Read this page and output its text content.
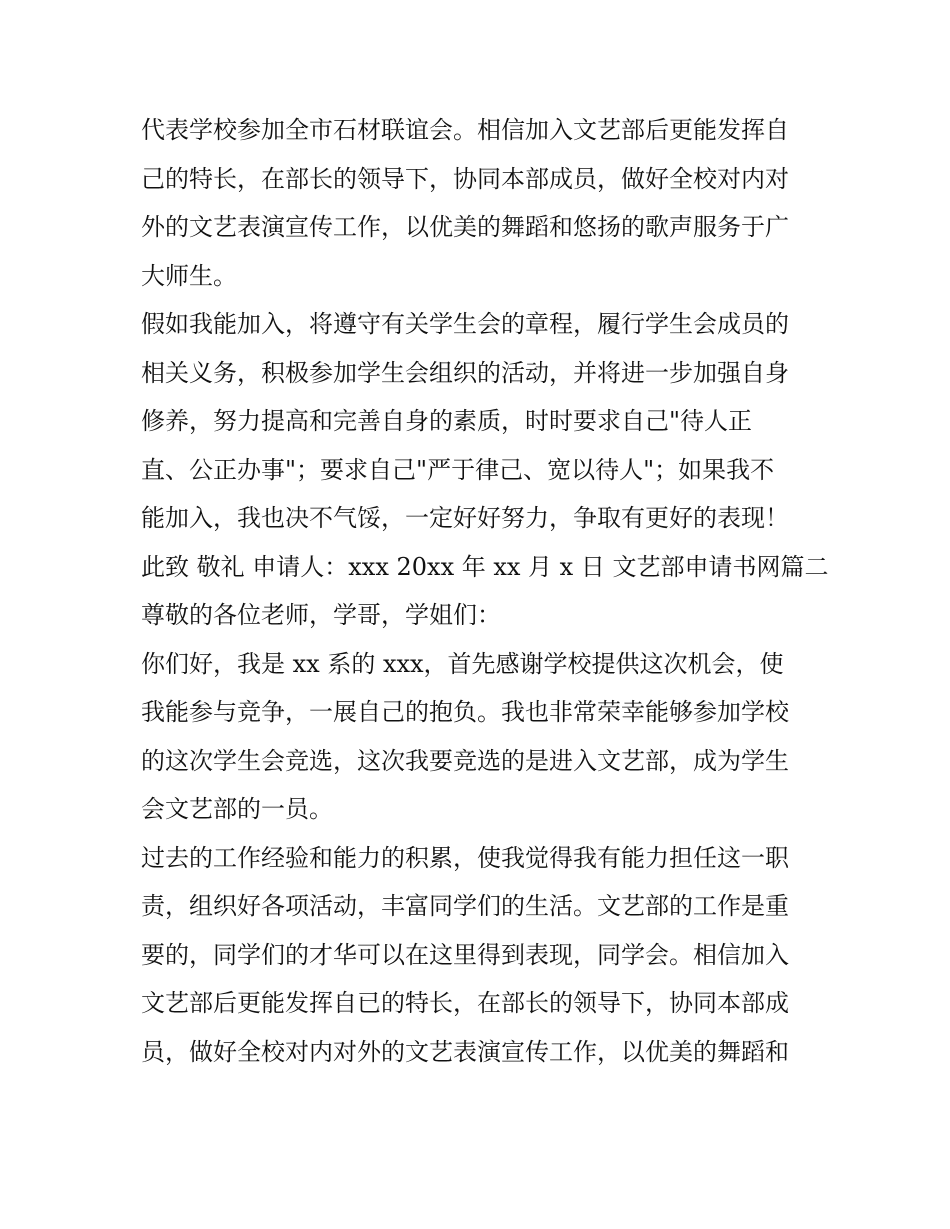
代表学校参加全市石材联谊会。相信加入文艺部后更能发挥自

己的特长，在部长的领导下，协同本部成员，做好全校对内对

外的文艺表演宣传工作，以优美的舞蹈和悠扬的歌声服务于广

大师生。

假如我能加入，将遵守有关学生会的章程，履行学生会成员的

相关义务，积极参加学生会组织的活动，并将进一步加强自身

修养，努力提高和完善自身的素质，时时要求自己"待人正

直、公正办事"；要求自己"严于律己、宽以待人"；如果我不

能加入，我也决不气馁，一定好好努力，争取有更好的表现！

此致 敬礼 申请人：xxx 20xx 年 xx 月 x 日 文艺部申请书网篇二

尊敬的各位老师，学哥，学姐们：

你们好，我是 xx 系的 xxx，首先感谢学校提供这次机会，使

我能参与竞争，一展自己的抱负。我也非常荣幸能够参加学校

的这次学生会竞选，这次我要竞选的是进入文艺部，成为学生

会文艺部的一员。

过去的工作经验和能力的积累，使我觉得我有能力担任这一职

责，组织好各项活动，丰富同学们的生活。文艺部的工作是重

要的，同学们的才华可以在这里得到表现，同学会。相信加入

文艺部后更能发挥自已的特长，在部长的领导下，协同本部成

员，做好全校对内对外的文艺表演宣传工作，以优美的舞蹈和
